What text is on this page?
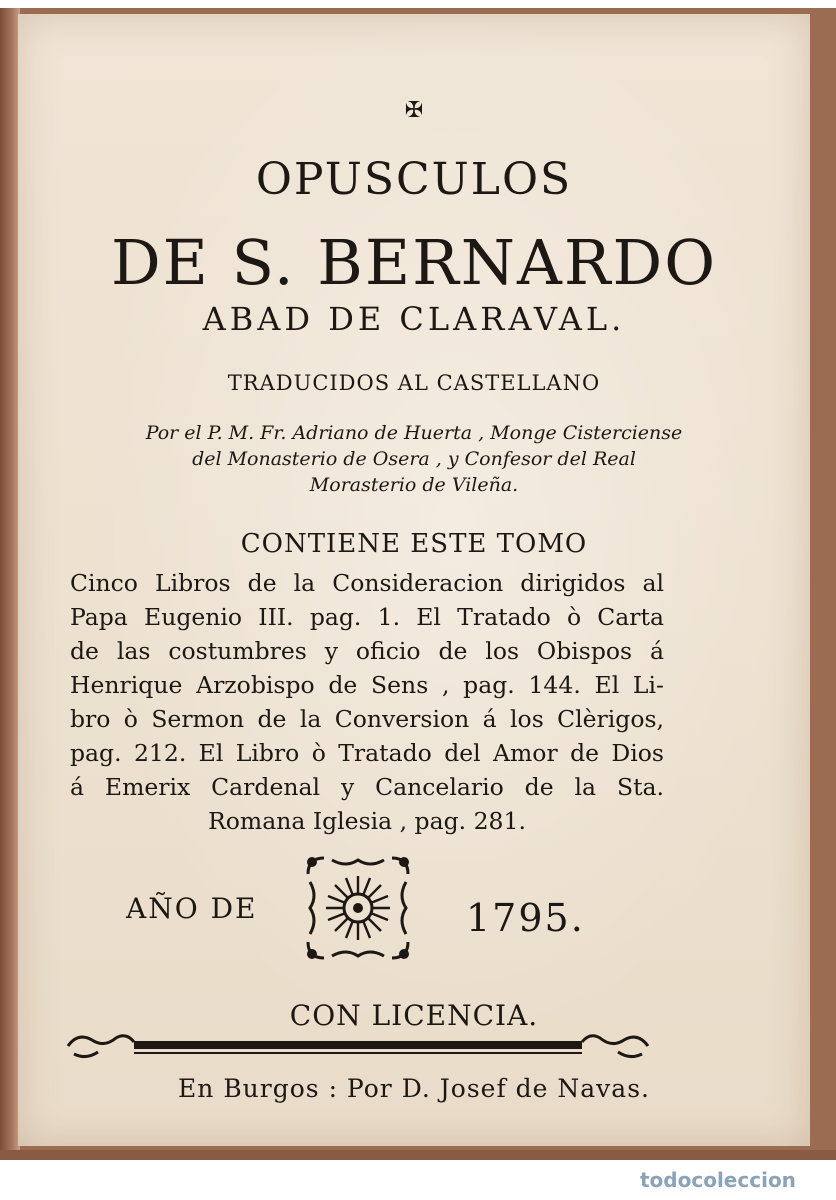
✠
OPUSCULOS
DE S. BERNARDO
ABAD DE CLARAVAL.
TRADUCIDOS AL CASTELLANO
Por el P. M. Fr. Adriano de Huerta , Monge Cisterciense
del Monasterio de Osera , y Confesor del Real
Morasterio de Vileña.
CONTIENE ESTE TOMO
Cinco Libros de la Consideracion dirigidos al
Papa Eugenio III. pag. 1. El Tratado ò Carta
de las costumbres y oficio de los Obispos á
Henrique Arzobispo de Sens , pag. 144. El Li-
bro ò Sermon de la Conversion á los Clèrigos,
pag. 212. El Libro ò Tratado del Amor de Dios
á Emerix Cardenal y Cancelario de la Sta.
Romana Iglesia , pag. 281.
AÑO DE	1795.
CON LICENCIA.
En Burgos : Por D. Josef de Navas.
todocoleccion
